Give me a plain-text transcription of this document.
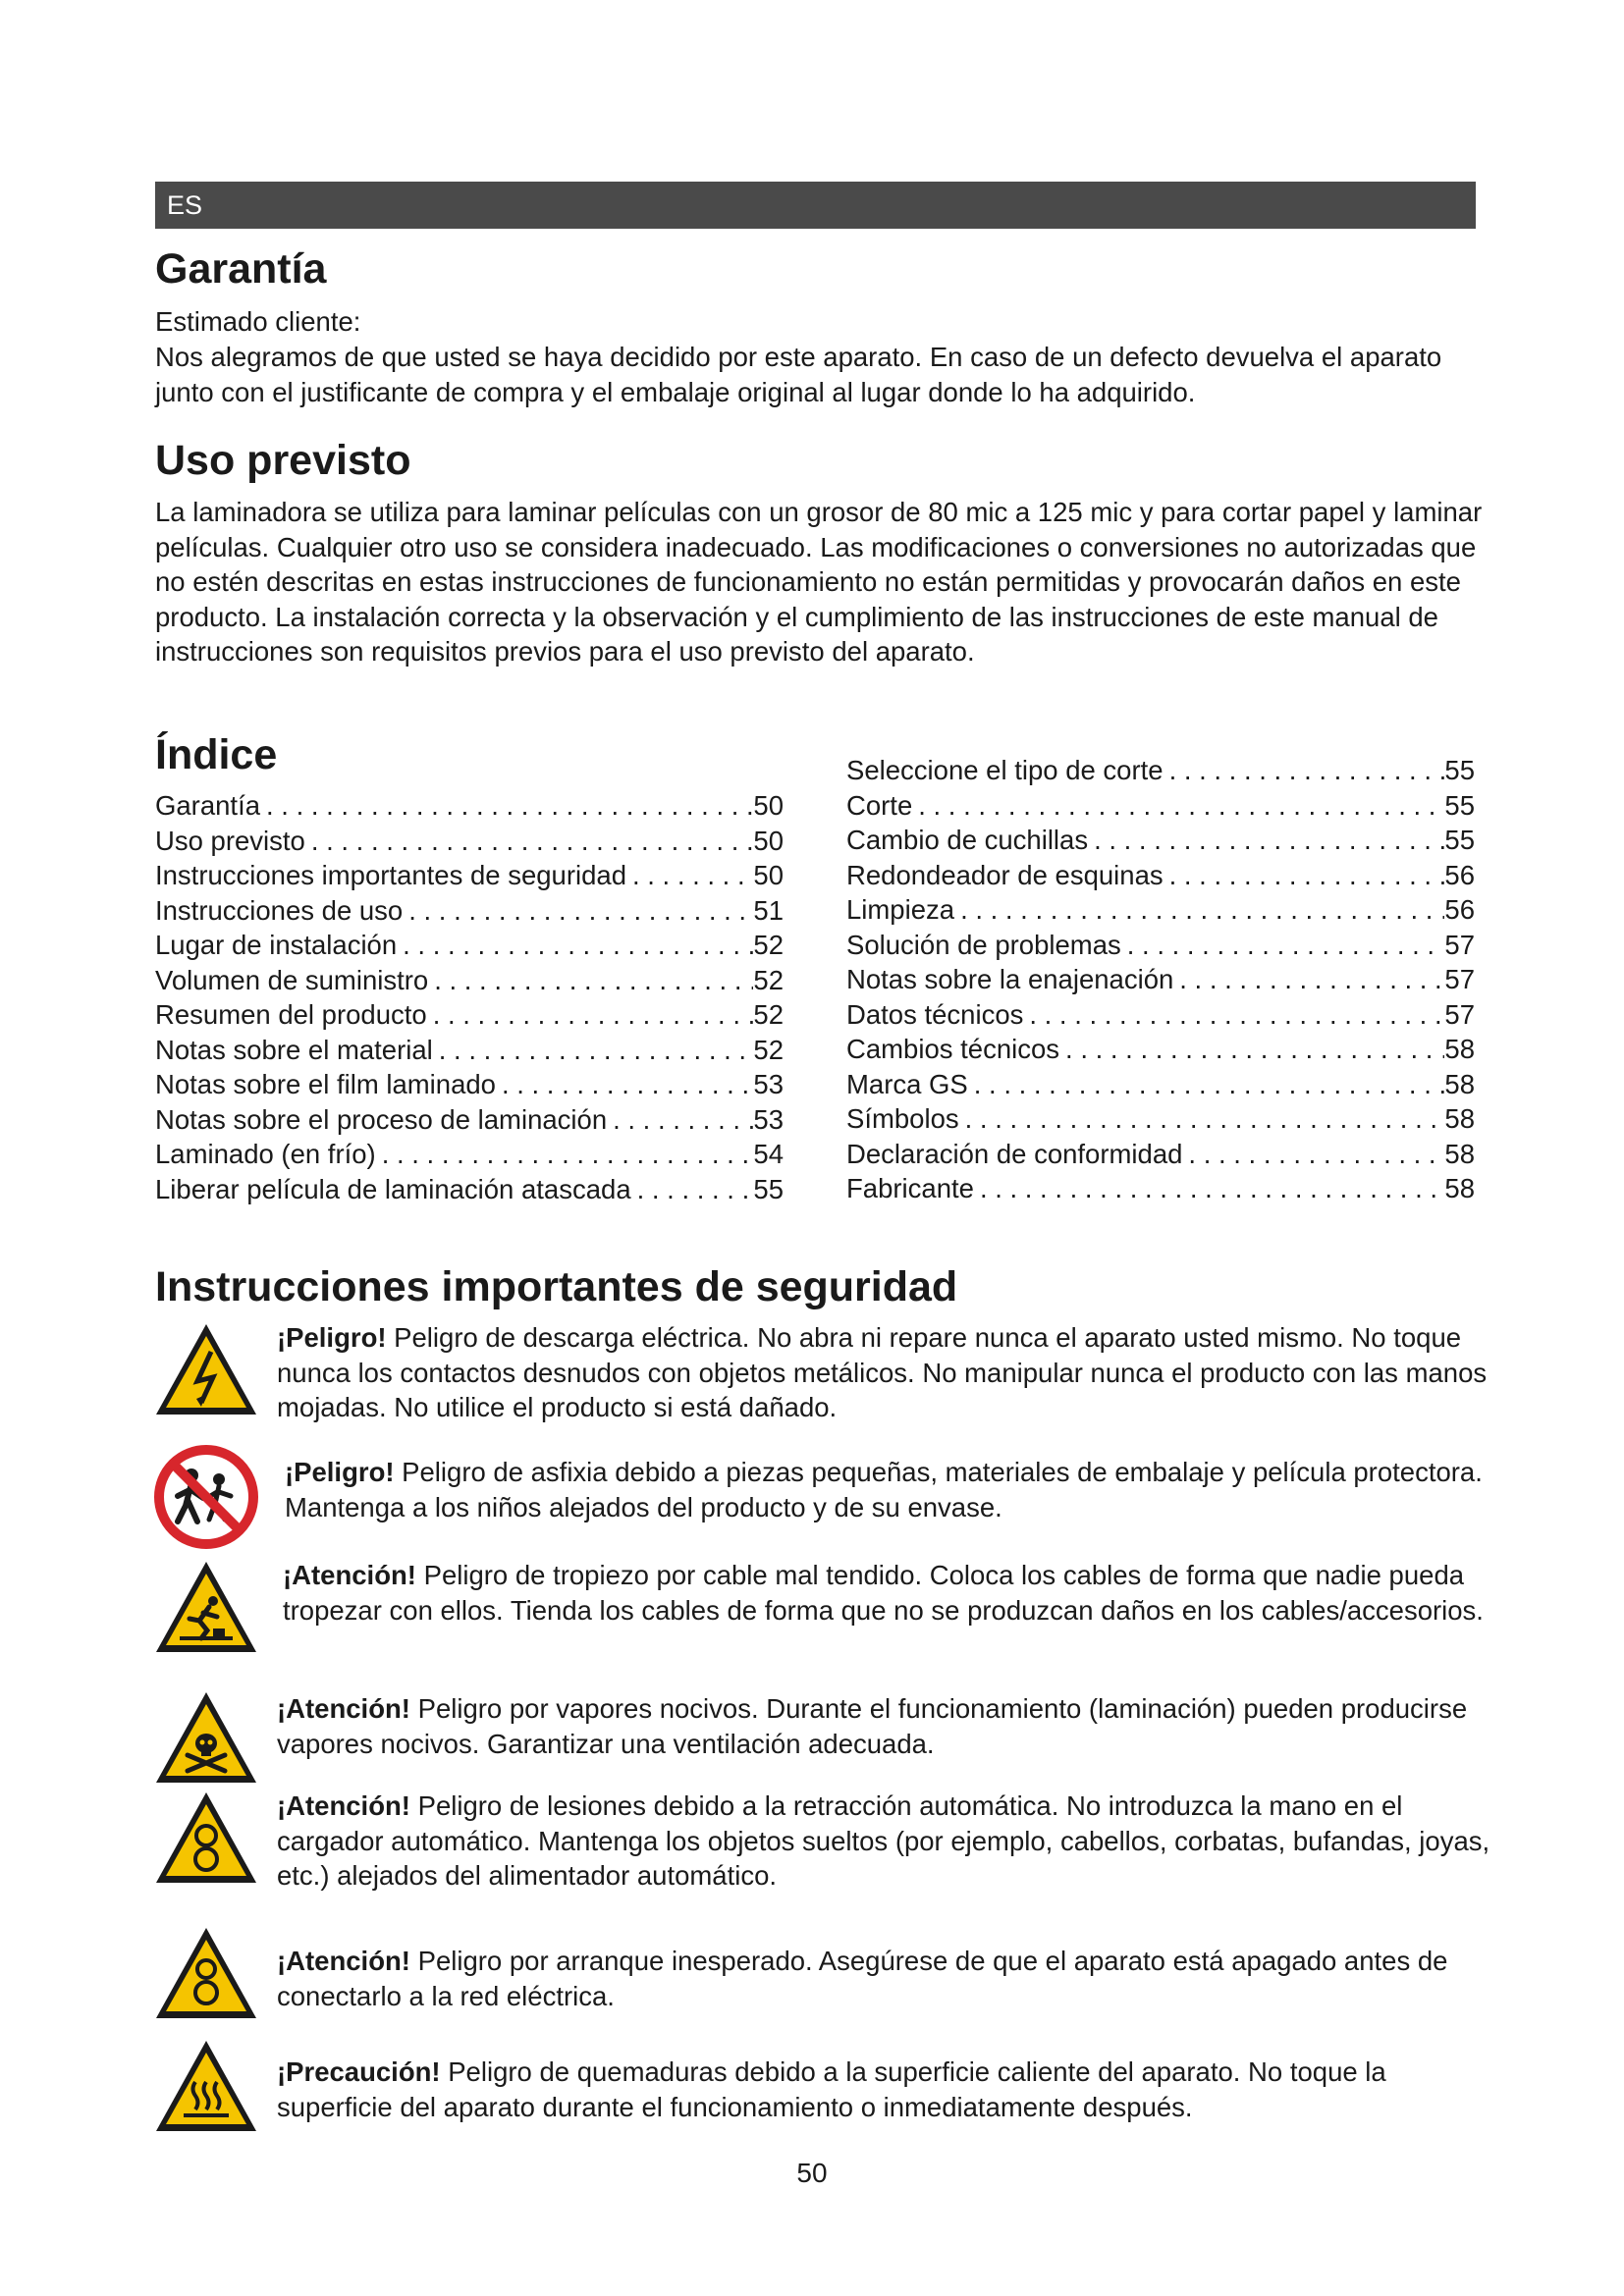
ES
Garantía

Estimado cliente:

Nos alegramos de que usted se haya decidido por este aparato. En caso de un defecto devuelva el aparato junto con el justificante de compra y el embalaje original al lugar donde lo ha adquirido.

Uso previsto

La laminadora se utiliza para laminar películas con un grosor de 80 mic a 125 mic y para cortar papel y laminar películas. Cualquier otro uso se considera inadecuado. Las modificaciones o conversiones no autorizadas que no estén descritas en estas instrucciones de funcionamiento no están permitidas y provocarán daños en este producto. La instalación correcta y la observación y el cumplimiento de las instrucciones de este manual de instrucciones son requisitos previos para el uso previsto del aparato.

Índice
Garantía . . .	50
Uso previsto . . .	50
Instrucciones importantes de seguridad . . .	50
Instrucciones de uso . . .	51
Lugar de instalación . . .	52
Volumen de suministro . . .	52
Resumen del producto . . .	52
Notas sobre el material . . .	52
Notas sobre el film laminado . . .	53
Notas sobre el proceso de laminación . . .	53
Laminado (en frío) . . .	54
Liberar película de laminación atascada . . .	55
Seleccione el tipo de corte . . .	55
Corte . . .	55
Cambio de cuchillas . . .	55
Redondeador de esquinas . . .	56
Limpieza . . .	56
Solución de problemas . . .	57
Notas sobre la enajenación . . .	57
Datos técnicos . . .	57
Cambios técnicos . . .	58
Marca GS . . .	58
Símbolos . . .	58
Declaración de conformidad . . .	58
Fabricante . . .	58
Instrucciones importantes de seguridad

¡Peligro! Peligro de descarga eléctrica. No abra ni repare nunca el aparato usted mismo. No toque nunca los contactos desnudos con objetos metálicos. No manipular nunca el producto con las manos mojadas. No utilice el producto si está dañado.

¡Peligro! Peligro de asfixia debido a piezas pequeñas, materiales de embalaje y película protectora. Mantenga a los niños alejados del producto y de su envase.

¡Atención! Peligro de tropiezo por cable mal tendido. Coloca los cables de forma que nadie pueda tropezar con ellos. Tienda los cables de forma que no se produzcan daños en los cables/accesorios.

¡Atención! Peligro por vapores nocivos. Durante el funcionamiento (laminación) pueden producirse vapores nocivos. Garantizar una ventilación adecuada.

¡Atención! Peligro de lesiones debido a la retracción automática. No introduzca la mano en el cargador automático. Mantenga los objetos sueltos (por ejemplo, cabellos, corbatas, bufandas, joyas, etc.) alejados del alimentador automático.

¡Atención! Peligro por arranque inesperado. Asegúrese de que el aparato está apagado antes de conectarlo a la red eléctrica.

¡Precaución! Peligro de quemaduras debido a la superficie caliente del aparato. No toque la superficie del aparato durante el funcionamiento o inmediatamente después.

50
